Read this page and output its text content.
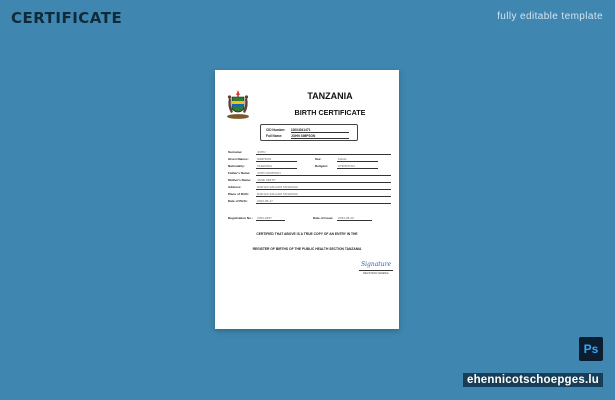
CERTIFICATE	fully editable template
TANZANIA
BIRTH CERTIFICATE
CID Number: 10004041471
Full Name:	JOHN SIMPSON
Surname:	JOHN
Given Names:	SIMPSON	Sex:	MALE
Nationality:	TANZANIA	Religion:	CHRISTIAN
Father's Name:	JOHN SIMPSON
Mother's Name:	JANE SMITH
Address:	DAR ES SALAAM TANZANIA
Place of Birth:	DAR ES SALAAM TANZANIA
Date of Birth:	2023-05-17
Registration No.:	2023-0457	Date of Issue:	2023-05-20
CERTIFIED THAT ABOVE IS A TRUE COPY OF AN ENTRY IN THE
REGISTER OF BIRTHS OF THE PUBLIC HEALTH SECTION TANZANIA
Signature
REGISTRAR GENERAL
Ps
ehennicotschoepges.lu
